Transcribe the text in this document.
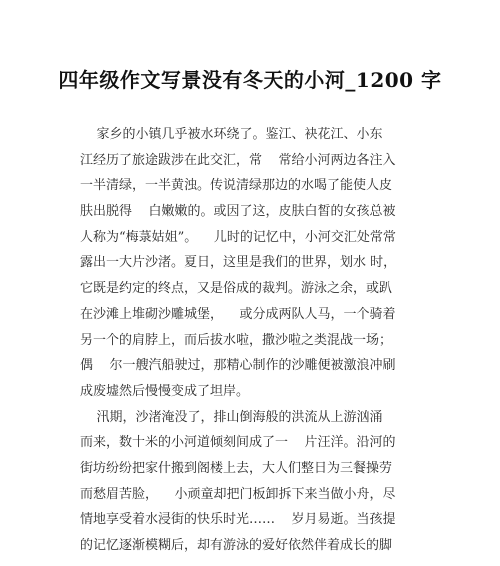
四年级作文写景没有冬天的小河_1200 字
家乡的小镇几乎被水环绕了。鉴江、袂花江、小东
江经历了旅途跋涉在此交汇，常    常给小河两边各注入
一半清绿，一半黄浊。传说清绿那边的水喝了能使人皮
肤出脱得    白嫩嫩的。或因了这，皮肤白皙的女孩总被
人称为“梅菉姑姐”。    儿时的记忆中，小河交汇处常常
露出一大片沙渚。夏日，这里是我们的世界，划水 时，
它既是约定的终点，又是俗成的裁判。游泳之余，或趴
在沙滩上堆砌沙雕城堡，    或分成两队人马，一个骑着
另一个的肩脖上，而后拔水啦，撒沙啦之类混战一场；
偶    尔一艘汽船驶过，那精心制作的沙雕便被激浪冲刷
成废墟然后慢慢变成了坦岸。
汛期，沙渚淹没了，排山倒海般的洪流从上游汹涌
而来，数十米的小河道倾刻间成了一    片汪洋。沿河的
街坊纷纷把家什搬到阁楼上去，大人们整日为三餐操劳
而愁眉苦脸，    小顽童却把门板卸拆下来当做小舟，尽
情地享受着水浸街的快乐时光……    岁月易逝。当孩提
的记忆逐渐模糊后，却有游泳的爱好依然伴着成长的脚
